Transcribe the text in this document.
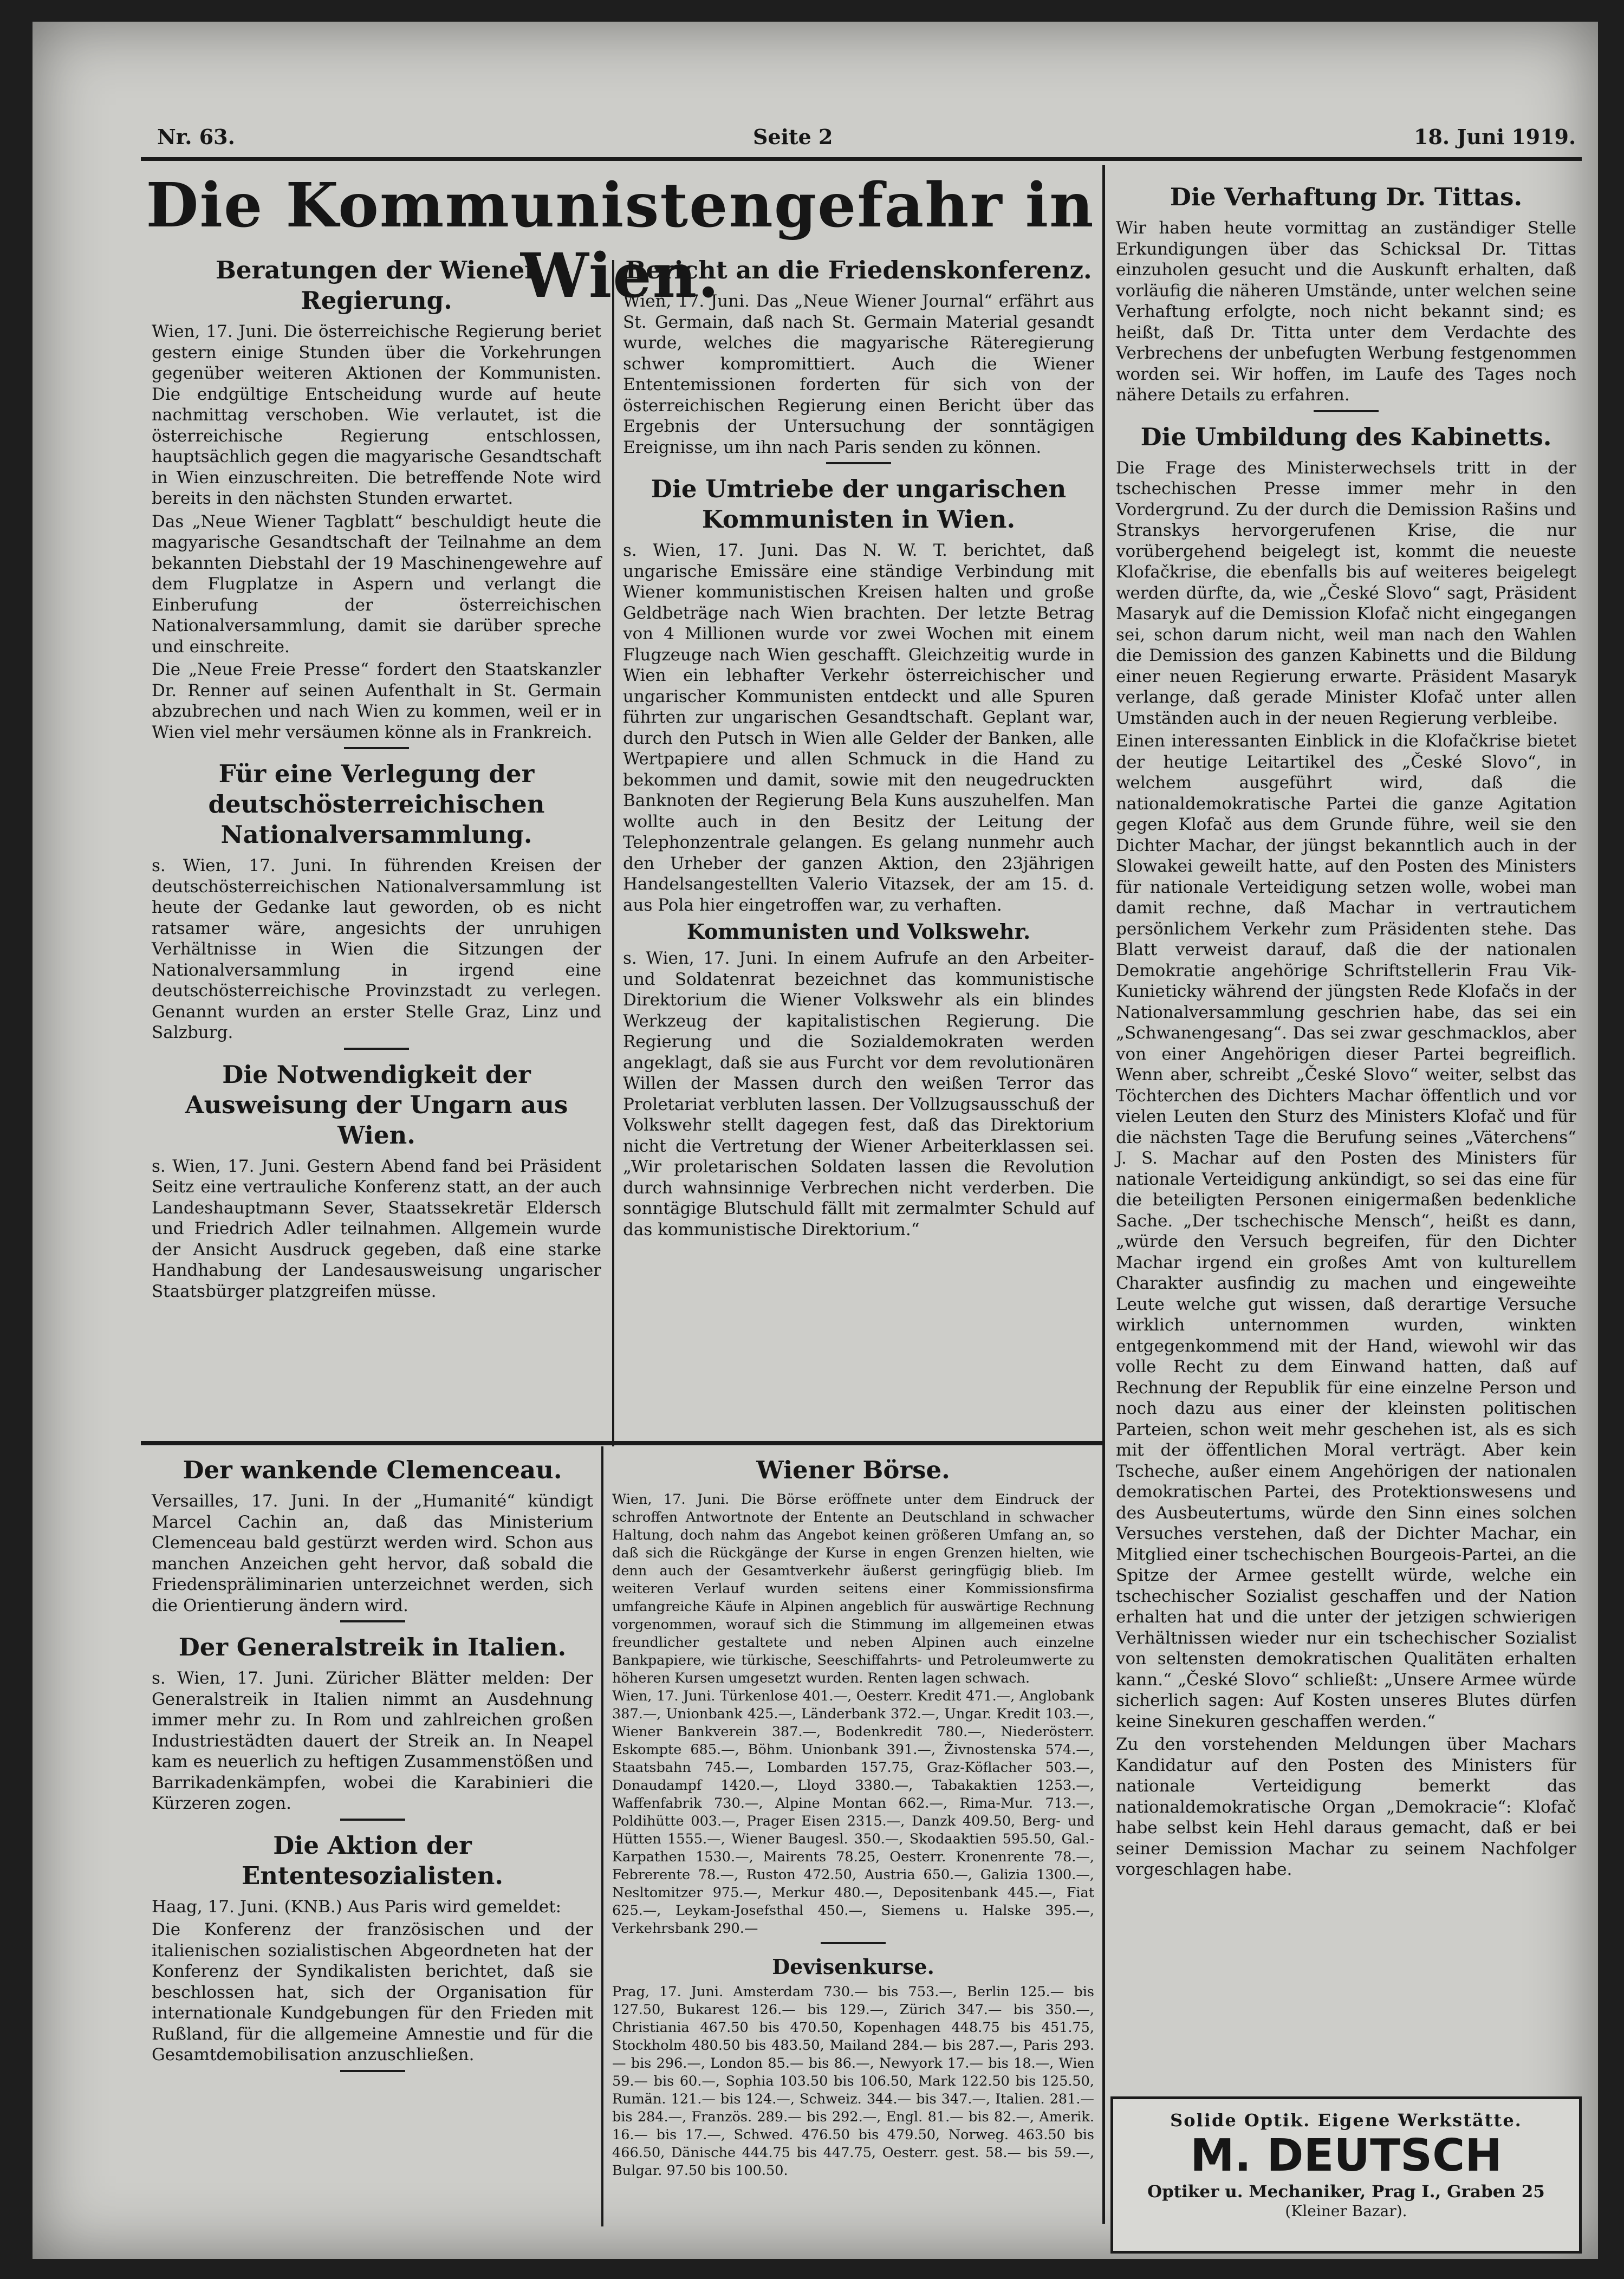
Nr. 63.	Seite 2	18. Juni 1919.
Die Kommunistengefahr in Wien.
Beratungen der Wiener Regierung.

Wien, 17. Juni. Die österreichische Regierung beriet gestern einige Stunden über die Vorkehrungen gegenüber weiteren Aktionen der Kommunisten. Die endgültige Entscheidung wurde auf heute nachmittag verschoben. Wie verlautet, ist die österreichische Regierung entschlossen, hauptsächlich gegen die magyarische Gesandtschaft in Wien einzuschreiten. Die betreffende Note wird bereits in den nächsten Stunden erwartet.

Das „Neue Wiener Tagblatt“ beschuldigt heute die magyarische Gesandtschaft der Teilnahme an dem bekannten Diebstahl der 19 Maschinengewehre auf dem Flugplatze in Aspern und verlangt die Einberufung der österreichischen Nationalversammlung, damit sie darüber spreche und einschreite.

Die „Neue Freie Presse“ fordert den Staatskanzler Dr. Renner auf seinen Aufenthalt in St. Germain abzubrechen und nach Wien zu kommen, weil er in Wien viel mehr versäumen könne als in Frankreich.

Für eine Verlegung der deutschösterreichischen Nationalversammlung.

s. Wien, 17. Juni. In führenden Kreisen der deutschösterreichischen Nationalversammlung ist heute der Gedanke laut geworden, ob es nicht ratsamer wäre, angesichts der unruhigen Verhältnisse in Wien die Sitzungen der Nationalversammlung in irgend eine deutschösterreichische Provinzstadt zu verlegen. Genannt wurden an erster Stelle Graz, Linz und Salzburg.

Die Notwendigkeit der Ausweisung der Ungarn aus Wien.

s. Wien, 17. Juni. Gestern Abend fand bei Präsident Seitz eine vertrauliche Konferenz statt, an der auch Landeshauptmann Sever, Staatssekretär Eldersch und Friedrich Adler teilnahmen. Allgemein wurde der Ansicht Ausdruck gegeben, daß eine starke Handhabung der Landesausweisung ungarischer Staatsbürger platzgreifen müsse.

Bericht an die Friedenskonferenz.

Wien, 17. Juni. Das „Neue Wiener Journal“ erfährt aus St. Germain, daß nach St. Germain Material gesandt wurde, welches die magyarische Räteregierung schwer kompromittiert. Auch die Wiener Ententemissionen forderten für sich von der österreichischen Regierung einen Bericht über das Ergebnis der Untersuchung der sonntägigen Ereignisse, um ihn nach Paris senden zu können.

Die Umtriebe der ungarischen Kommunisten in Wien.

s. Wien, 17. Juni. Das N. W. T. berichtet, daß ungarische Emissäre eine ständige Verbindung mit Wiener kommunistischen Kreisen halten und große Geldbeträge nach Wien brachten. Der letzte Betrag von 4 Millionen wurde vor zwei Wochen mit einem Flugzeuge nach Wien geschafft. Gleichzeitig wurde in Wien ein lebhafter Verkehr österreichischer und ungarischer Kommunisten entdeckt und alle Spuren führten zur ungarischen Gesandtschaft. Geplant war, durch den Putsch in Wien alle Gelder der Banken, alle Wertpapiere und allen Schmuck in die Hand zu bekommen und damit, sowie mit den neugedruckten Banknoten der Regierung Bela Kuns auszuhelfen. Man wollte auch in den Besitz der Leitung der Telephonzentrale gelangen. Es gelang nunmehr auch den Urheber der ganzen Aktion, den 23jährigen Handelsangestellten Valerio Vitazsek, der am 15. d. aus Pola hier eingetroffen war, zu verhaften.

Kommunisten und Volkswehr.

s. Wien, 17. Juni. In einem Aufrufe an den Arbeiter- und Soldatenrat bezeichnet das kommunistische Direktorium die Wiener Volkswehr als ein blindes Werkzeug der kapitalistischen Regierung. Die Regierung und die Sozialdemokraten werden angeklagt, daß sie aus Furcht vor dem revolutionären Willen der Massen durch den weißen Terror das Proletariat verbluten lassen. Der Vollzugsausschuß der Volkswehr stellt dagegen fest, daß das Direktorium nicht die Vertretung der Wiener Arbeiterklassen sei. „Wir proletarischen Soldaten lassen die Revolution durch wahnsinnige Verbrechen nicht verderben. Die sonntägige Blutschuld fällt mit zermalmter Schuld auf das kommunistische Direktorium.“

Die Verhaftung Dr. Tittas.

Wir haben heute vormittag an zuständiger Stelle Erkundigungen über das Schicksal Dr. Tittas einzuholen gesucht und die Auskunft erhalten, daß vorläufig die näheren Umstände, unter welchen seine Verhaftung erfolgte, noch nicht bekannt sind; es heißt, daß Dr. Titta unter dem Verdachte des Verbrechens der unbefugten Werbung festgenommen worden sei. Wir hoffen, im Laufe des Tages noch nähere Details zu erfahren.

Die Umbildung des Kabinetts.

Die Frage des Ministerwechsels tritt in der tschechischen Presse immer mehr in den Vordergrund. Zu der durch die Demission Rašins und Stranskys hervorgerufenen Krise, die nur vorübergehend beigelegt ist, kommt die neueste Klofačkrise, die ebenfalls bis auf weiteres beigelegt werden dürfte, da, wie „České Slovo“ sagt, Präsident Masaryk auf die Demission Klofač nicht eingegangen sei, schon darum nicht, weil man nach den Wahlen die Demission des ganzen Kabinetts und die Bildung einer neuen Regierung erwarte. Präsident Masaryk verlange, daß gerade Minister Klofač unter allen Umständen auch in der neuen Regierung verbleibe.

Einen interessanten Einblick in die Klofačkrise bietet der heutige Leitartikel des „České Slovo“, in welchem ausgeführt wird, daß die nationaldemokratische Partei die ganze Agitation gegen Klofač aus dem Grunde führe, weil sie den Dichter Machar, der jüngst bekanntlich auch in der Slowakei geweilt hatte, auf den Posten des Ministers für nationale Verteidigung setzen wolle, wobei man damit rechne, daß Machar in vertrautichem persönlichem Verkehr zum Präsidenten stehe. Das Blatt verweist darauf, daß die der nationalen Demokratie angehörige Schriftstellerin Frau Vik-Kunieticky während der jüngsten Rede Klofačs in der Nationalversammlung geschrien habe, das sei ein „Schwanengesang“. Das sei zwar geschmacklos, aber von einer Angehörigen dieser Partei begreiflich. Wenn aber, schreibt „České Slovo“ weiter, selbst das Töchterchen des Dichters Machar öffentlich und vor vielen Leuten den Sturz des Ministers Klofač und für die nächsten Tage die Berufung seines „Väterchens“ J. S. Machar auf den Posten des Ministers für nationale Verteidigung ankündigt, so sei das eine für die beteiligten Personen einigermaßen bedenkliche Sache. „Der tschechische Mensch“, heißt es dann, „würde den Versuch begreifen, für den Dichter Machar irgend ein großes Amt von kulturellem Charakter ausfindig zu machen und eingeweihte Leute welche gut wissen, daß derartige Versuche wirklich unternommen wurden, winkten entgegenkommend mit der Hand, wiewohl wir das volle Recht zu dem Einwand hatten, daß auf Rechnung der Republik für eine einzelne Person und noch dazu aus einer der kleinsten politischen Parteien, schon weit mehr geschehen ist, als es sich mit der öffentlichen Moral verträgt. Aber kein Tscheche, außer einem Angehörigen der nationalen demokratischen Partei, des Protektionswesens und des Ausbeutertums, würde den Sinn eines solchen Versuches verstehen, daß der Dichter Machar, ein Mitglied einer tschechischen Bourgeois-Partei, an die Spitze der Armee gestellt würde, welche ein tschechischer Sozialist geschaffen und der Nation erhalten hat und die unter der jetzigen schwierigen Verhältnissen wieder nur ein tschechischer Sozialist von seltensten demokratischen Qualitäten erhalten kann.“ „České Slovo“ schließt: „Unsere Armee würde sicherlich sagen: Auf Kosten unseres Blutes dürfen keine Sinekuren geschaffen werden.“

Zu den vorstehenden Meldungen über Machars Kandidatur auf den Posten des Ministers für nationale Verteidigung bemerkt das nationaldemokratische Organ „Demokracie“: Klofač habe selbst kein Hehl daraus gemacht, daß er bei seiner Demission Machar zu seinem Nachfolger vorgeschlagen habe.

Der wankende Clemenceau.

Versailles, 17. Juni. In der „Humanité“ kündigt Marcel Cachin an, daß das Ministerium Clemenceau bald gestürzt werden wird. Schon aus manchen Anzeichen geht hervor, daß sobald die Friedenspräliminarien unterzeichnet werden, sich die Orientierung ändern wird.

Der Generalstreik in Italien.

s. Wien, 17. Juni. Züricher Blätter melden: Der Generalstreik in Italien nimmt an Ausdehnung immer mehr zu. In Rom und zahlreichen großen Industriestädten dauert der Streik an. In Neapel kam es neuerlich zu heftigen Zusammenstößen und Barrikadenkämpfen, wobei die Karabinieri die Kürzeren zogen.

Die Aktion der Ententesozialisten.

Haag, 17. Juni. (KNB.) Aus Paris wird gemeldet:

Die Konferenz der französischen und der italienischen sozialistischen Abgeordneten hat der Konferenz der Syndikalisten berichtet, daß sie beschlossen hat, sich der Organisation für internationale Kundgebungen für den Frieden mit Rußland, für die allgemeine Amnestie und für die Gesamtdemobilisation anzuschließen.

Wiener Börse.

Wien, 17. Juni. Die Börse eröffnete unter dem Eindruck der schroffen Antwortnote der Entente an Deutschland in schwacher Haltung, doch nahm das Angebot keinen größeren Umfang an, so daß sich die Rückgänge der Kurse in engen Grenzen hielten, wie denn auch der Gesamtverkehr äußerst geringfügig blieb. Im weiteren Verlauf wurden seitens einer Kommissionsfirma umfangreiche Käufe in Alpinen angeblich für auswärtige Rechnung vorgenommen, worauf sich die Stimmung im allgemeinen etwas freundlicher gestaltete und neben Alpinen auch einzelne Bankpapiere, wie türkische, Seeschiffahrts- und Petroleumwerte zu höheren Kursen umgesetzt wurden. Renten lagen schwach.

Wien, 17. Juni. Türkenlose 401.—, Oesterr. Kredit 471.—, Anglobank 387.—, Unionbank 425.—, Länderbank 372.—, Ungar. Kredit 103.—, Wiener Bankverein 387.—, Bodenkredit 780.—, Niederösterr. Eskompte 685.—, Böhm. Unionbank 391.—, Živnostenska 574.—, Staatsbahn 745.—, Lombarden 157.75, Graz-Köflacher 503.—, Donaudampf 1420.—, Lloyd 3380.—, Tabakaktien 1253.—, Waffenfabrik 730.—, Alpine Montan 662.—, Rima-Mur. 713.—, Poldihütte 003.—, Prager Eisen 2315.—, Danzk 409.50, Berg- und Hütten 1555.—, Wiener Baugesl. 350.—, Skodaaktien 595.50, Gal.-Karpathen 1530.—, Mairents 78.25, Oesterr. Kronenrente 78.—, Febrerente 78.—, Ruston 472.50, Austria 650.—, Galizia 1300.—, Nesltomitzer 975.—, Merkur 480.—, Depositenbank 445.—, Fiat 625.—, Leykam-Josefsthal 450.—, Siemens u. Halske 395.—, Verkehrsbank 290.—

Devisenkurse.

Prag, 17. Juni. Amsterdam 730.— bis 753.—, Berlin 125.— bis 127.50, Bukarest 126.— bis 129.—, Zürich 347.— bis 350.—, Christiania 467.50 bis 470.50, Kopenhagen 448.75 bis 451.75, Stockholm 480.50 bis 483.50, Mailand 284.— bis 287.—, Paris 293.— bis 296.—, London 85.— bis 86.—, Newyork 17.— bis 18.—, Wien 59.— bis 60.—, Sophia 103.50 bis 106.50, Mark 122.50 bis 125.50, Rumän. 121.— bis 124.—, Schweiz. 344.— bis 347.—, Italien. 281.— bis 284.—, Französ. 289.— bis 292.—, Engl. 81.— bis 82.—, Amerik. 16.— bis 17.—, Schwed. 476.50 bis 479.50, Norweg. 463.50 bis 466.50, Dänische 444.75 bis 447.75, Oesterr. gest. 58.— bis 59.—, Bulgar. 97.50 bis 100.50.

Solide Optik. Eigene Werkstätte.
M. DEUTSCH
Optiker u. Mechaniker, Prag I., Graben 25
(Kleiner Bazar).
